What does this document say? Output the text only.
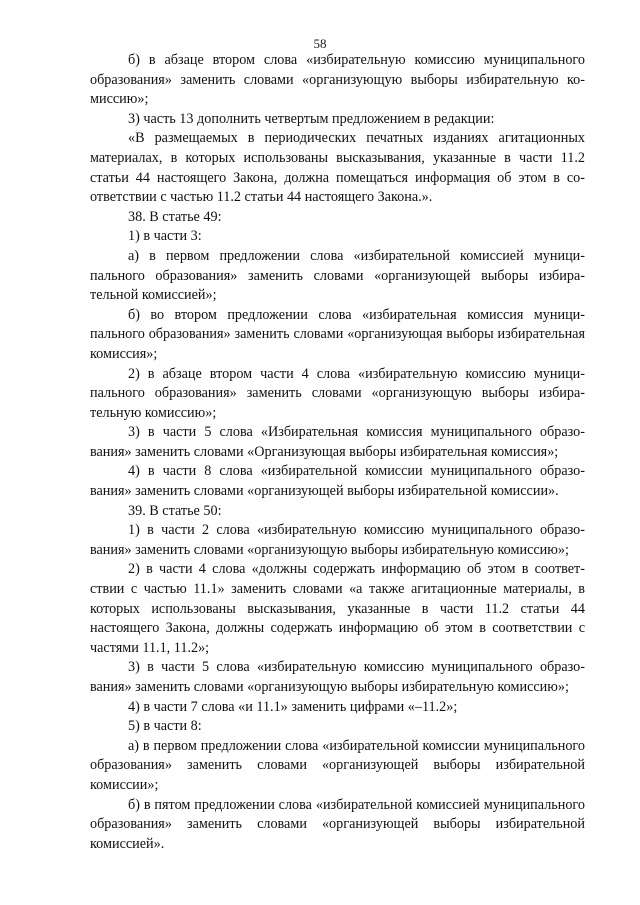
58

б) в абзаце втором слова «избирательную комиссию муниципального образования» заменить словами «организующую выборы избирательную комиссию»;

3) часть 13 дополнить четвертым предложением в редакции:

«В размещаемых в периодических печатных изданиях агитационных материалах, в которых использованы высказывания, указанные в части 11.2 статьи 44 настоящего Закона, должна помещаться информация об этом в соответствии с частью 11.2 статьи 44 настоящего Закона.».

38. В статье 49:

1) в части 3:

а) в первом предложении слова «избирательной комиссией муниципального образования» заменить словами «организующей выборы избирательной комиссией»;

б) во втором предложении слова «избирательная комиссия муниципального образования» заменить словами «организующая выборы избирательная комиссия»;

2) в абзаце втором части 4 слова «избирательную комиссию муниципального образования» заменить словами «организующую выборы избирательную комиссию»;

3) в части 5 слова «Избирательная комиссия муниципального образования» заменить словами «Организующая выборы избирательная комиссия»;

4) в части 8 слова «избирательной комиссии муниципального образования» заменить словами «организующей выборы избирательной комиссии».

39. В статье 50:

1) в части 2 слова «избирательную комиссию муниципального образования» заменить словами «организующую выборы избирательную комиссию»;

2) в части 4 слова «должны содержать информацию об этом в соответствии с частью 11.1» заменить словами «а также агитационные материалы, в которых использованы высказывания, указанные в части 11.2 статьи 44 настоящего Закона, должны содержать информацию об этом в соответствии с частями 11.1, 11.2»;

3) в части 5 слова «избирательную комиссию муниципального образования» заменить словами «организующую выборы избирательную комиссию»;

4) в части 7 слова «и 11.1» заменить цифрами «–11.2»;

5) в части 8:

а) в первом предложении слова «избирательной комиссии муниципального образования» заменить словами «организующей выборы избирательной комиссии»;

б) в пятом предложении слова «избирательной комиссией муниципального образования» заменить словами «организующей выборы избирательной комиссией».
